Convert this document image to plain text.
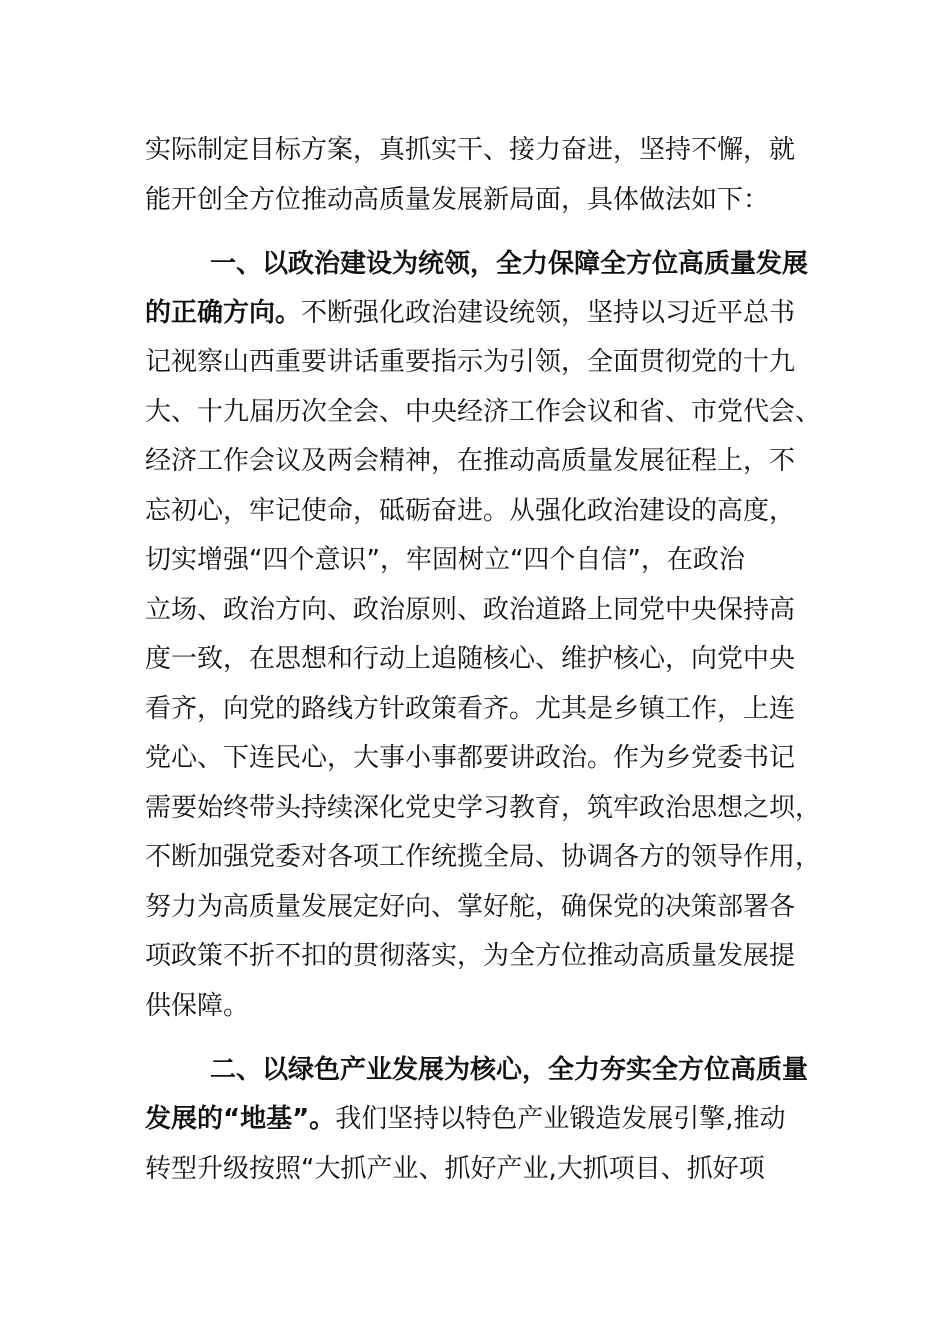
实际制定目标方案，真抓实干、接力奋进，坚持不懈，就
能开创全方位推动高质量发展新局面，具体做法如下：
一、以政治建设为统领，全力保障全方位高质量发展
的正确方向。不断强化政治建设统领，坚持以习近平总书
记视察山西重要讲话重要指示为引领，全面贯彻党的十九
大、十九届历次全会、中央经济工作会议和省、市党代会、
经济工作会议及两会精神，在推动高质量发展征程上，不
忘初心，牢记使命，砥砺奋进。从强化政治建设的高度，
切实增强“四个意识”，牢固树立“四个自信”，在政治
立场、政治方向、政治原则、政治道路上同党中央保持高
度一致，在思想和行动上追随核心、维护核心，向党中央
看齐，向党的路线方针政策看齐。尤其是乡镇工作，上连
党心、下连民心，大事小事都要讲政治。作为乡党委书记
需要始终带头持续深化党史学习教育，筑牢政治思想之坝，
不断加强党委对各项工作统揽全局、协调各方的领导作用，
努力为高质量发展定好向、掌好舵，确保党的决策部署各
项政策不折不扣的贯彻落实，为全方位推动高质量发展提
供保障。
二、以绿色产业发展为核心，全力夯实全方位高质量
发展的“地基”。我们坚持以特色产业锻造发展引擎,推动
转型升级按照“大抓产业、抓好产业,大抓项目、抓好项
